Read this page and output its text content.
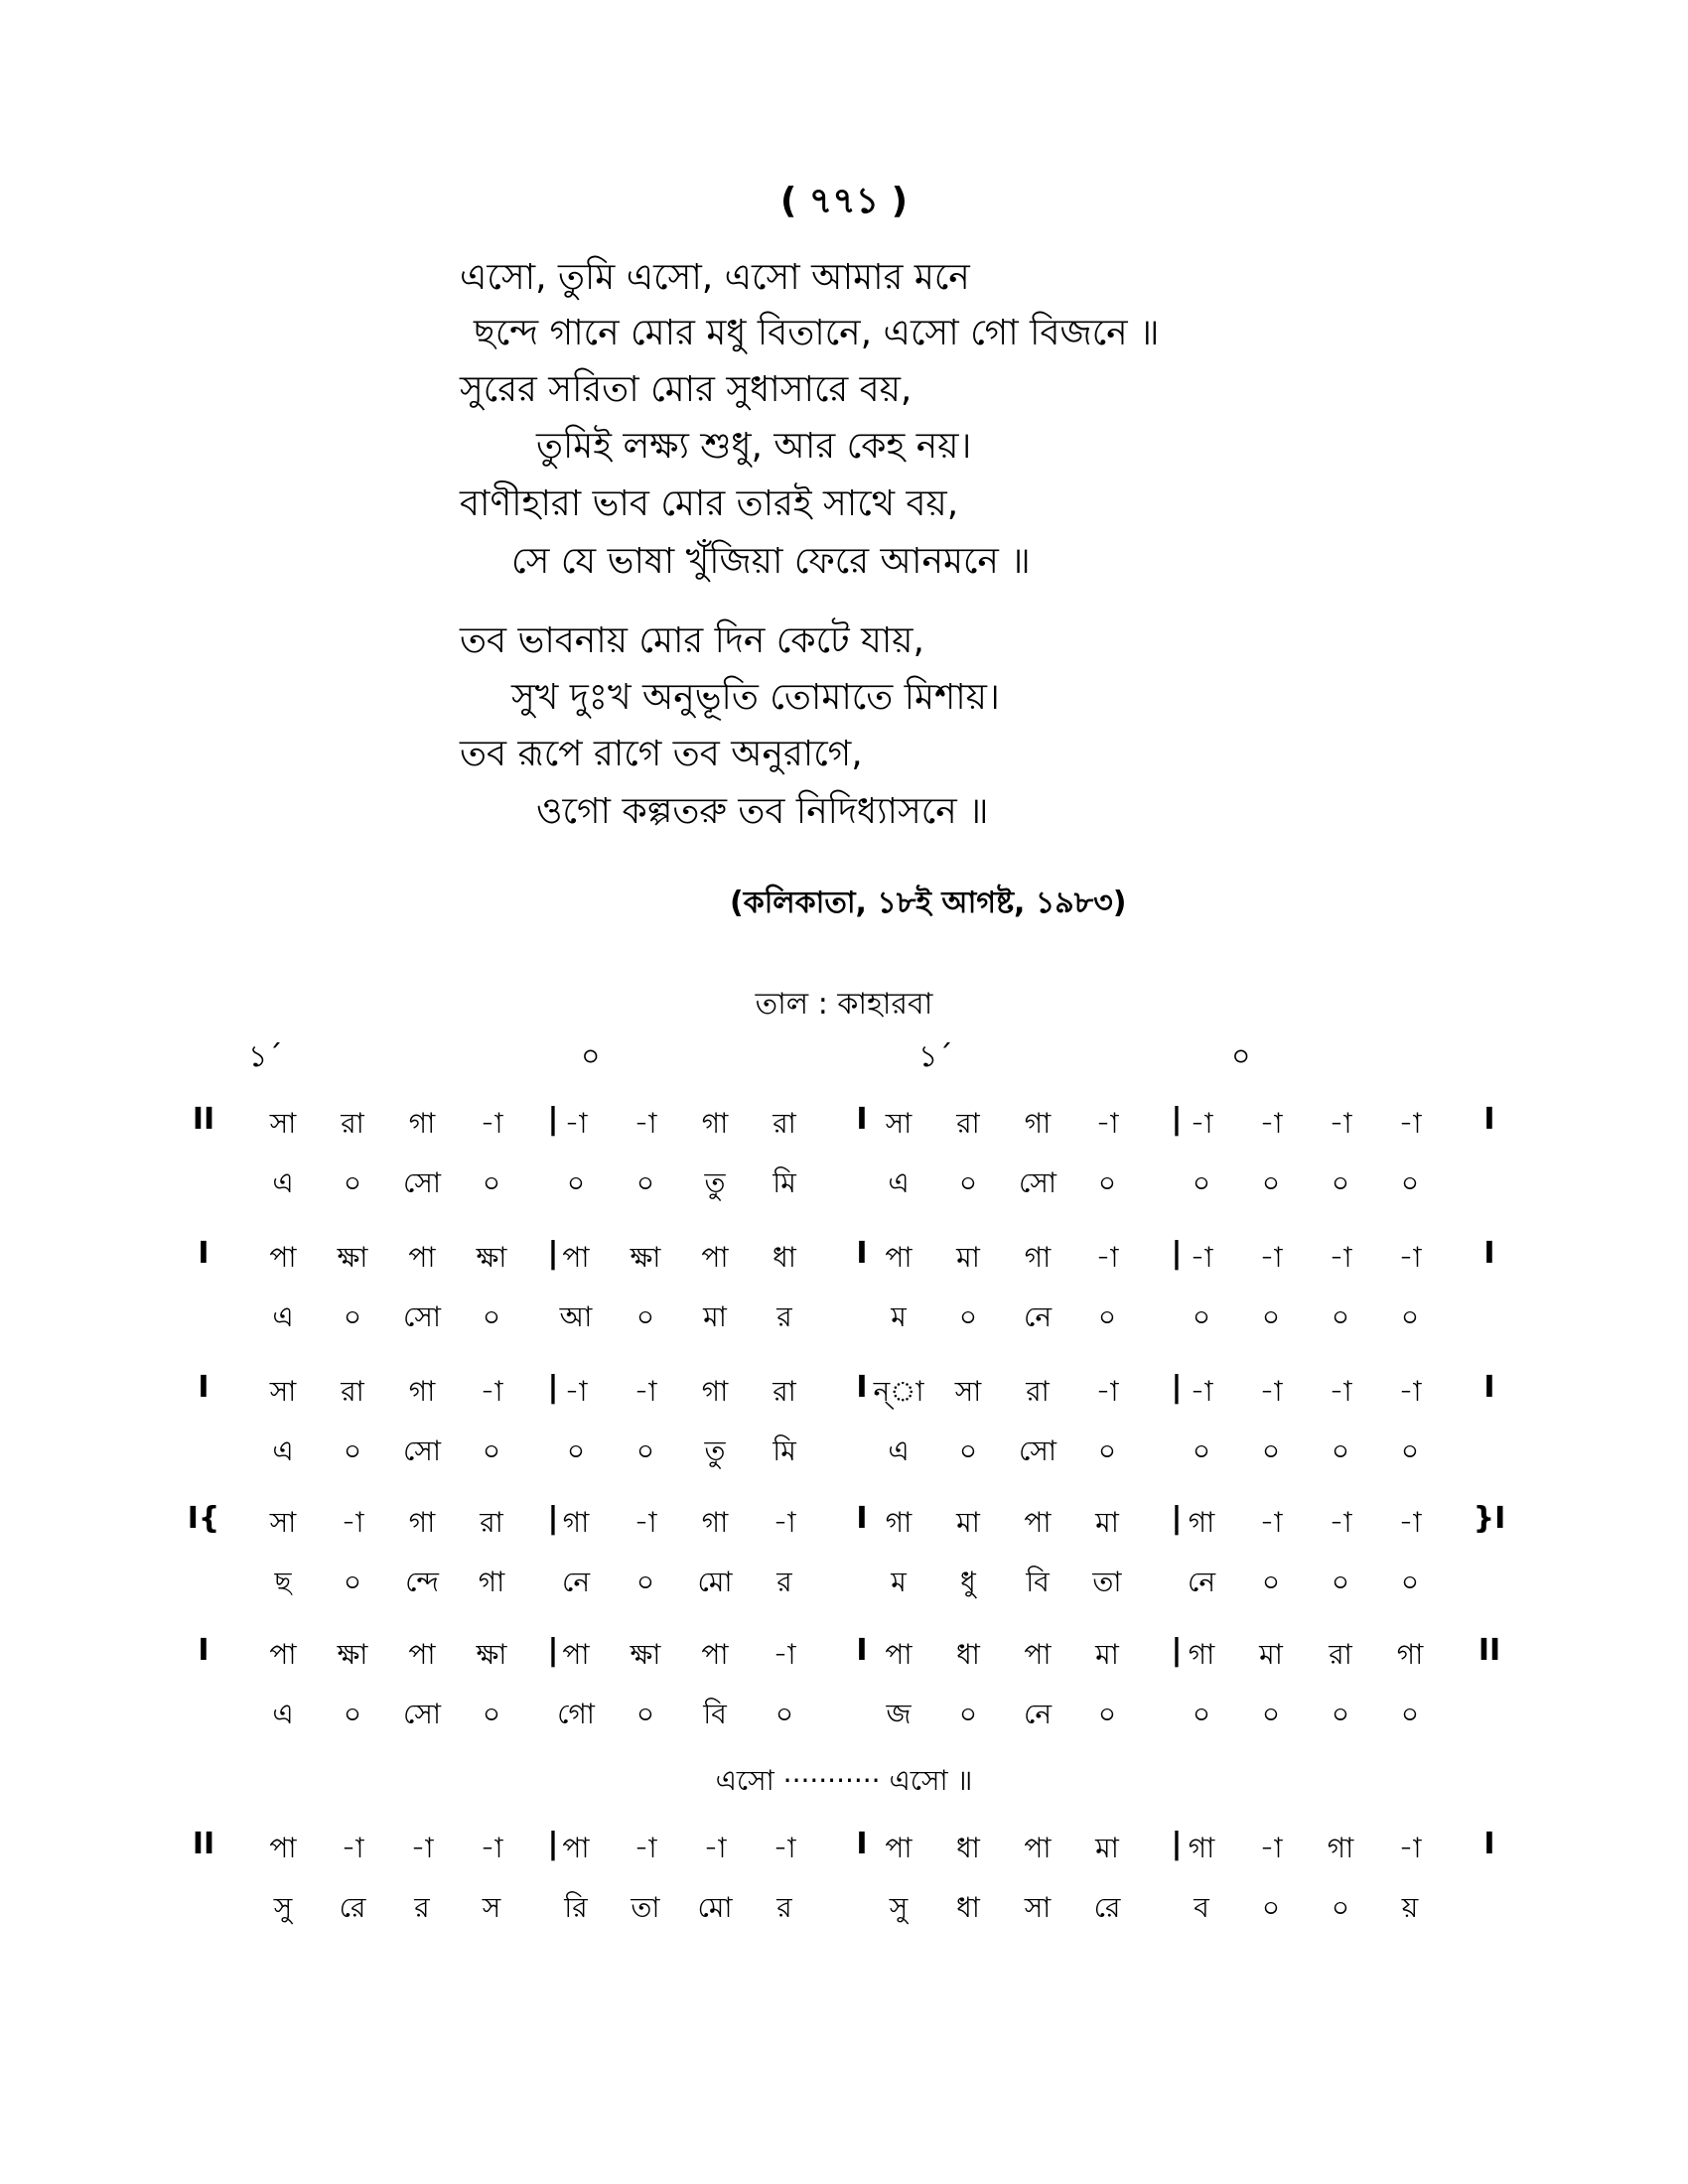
( ৭৭১ )
এসো, তুমি এসো, এসো আমার মনে
ছন্দে গানে মোর মধু বিতানে, এসো গো বিজনে ॥
সুরের সরিতা মোর সুধাসারে বয়,
তুমিই লক্ষ্য শুধু, আর কেহ নয়।
বাণীহারা ভাব মোর তারই সাথে বয়,
সে যে ভাষা খুঁজিয়া ফেরে আনমনে ॥
তব ভাবনায় মোর দিন কেটে যায়,
সুখ দুঃখ অনুভূতি তোমাতে মিশায়।
তব রূপে রাগে তব অনুরাগে,
ওগো কল্পতরু তব নিদিধ্যাসনে ॥
(কলিকাতা, ১৮ই আগষ্ট, ১৯৮৩)
তাল : কাহারবা
১´	০	১´	০
II	|	I	|	I
সা	রা	গা	-া	-া	-া	গা	রা	সা	রা	গা	-া	-া	-া	-া	-া
এ	০	সো	০	০	০	তু	মি	এ	০	সো	০	০	০	০	০
I	|	I	|	I
পা	ক্ষা	পা	ক্ষা	পা	ক্ষা	পা	ধা	পা	মা	গা	-া	-া	-া	-া	-া
এ	০	সো	০	আ	০	মা	র	ম	০	নে	০	০	০	০	০
I	|	I	|	I
সা	রা	গা	-া	-া	-া	গা	রা	ন্‌া	সা	রা	-া	-া	-া	-া	-া
এ	০	সো	০	০	০	তু	মি	এ	০	সো	০	০	০	০	০
I{	|	I	|	}I
সা	-া	গা	রা	গা	-া	গা	-া	গা	মা	পা	মা	গা	-া	-া	-া
ছ	০	ন্দে	গা	নে	০	মো	র	ম	ধু	বি	তা	নে	০	০	০
I	|	I	|	II
পা	ক্ষা	পা	ক্ষা	পা	ক্ষা	পা	-া	পা	ধা	পা	মা	গা	মা	রা	গা
এ	০	সো	০	গো	০	বি	০	জ	০	নে	০	০	০	০	০
II	|	I	|	I
পা	-া	-া	-া	পা	-া	-া	-া	পা	ধা	পা	মা	গা	-া	গা	-া
সু	রে	র	স	রি	তা	মো	র	সু	ধা	সা	রে	ব	০	০	য়
এসো ··········· এসো ॥
